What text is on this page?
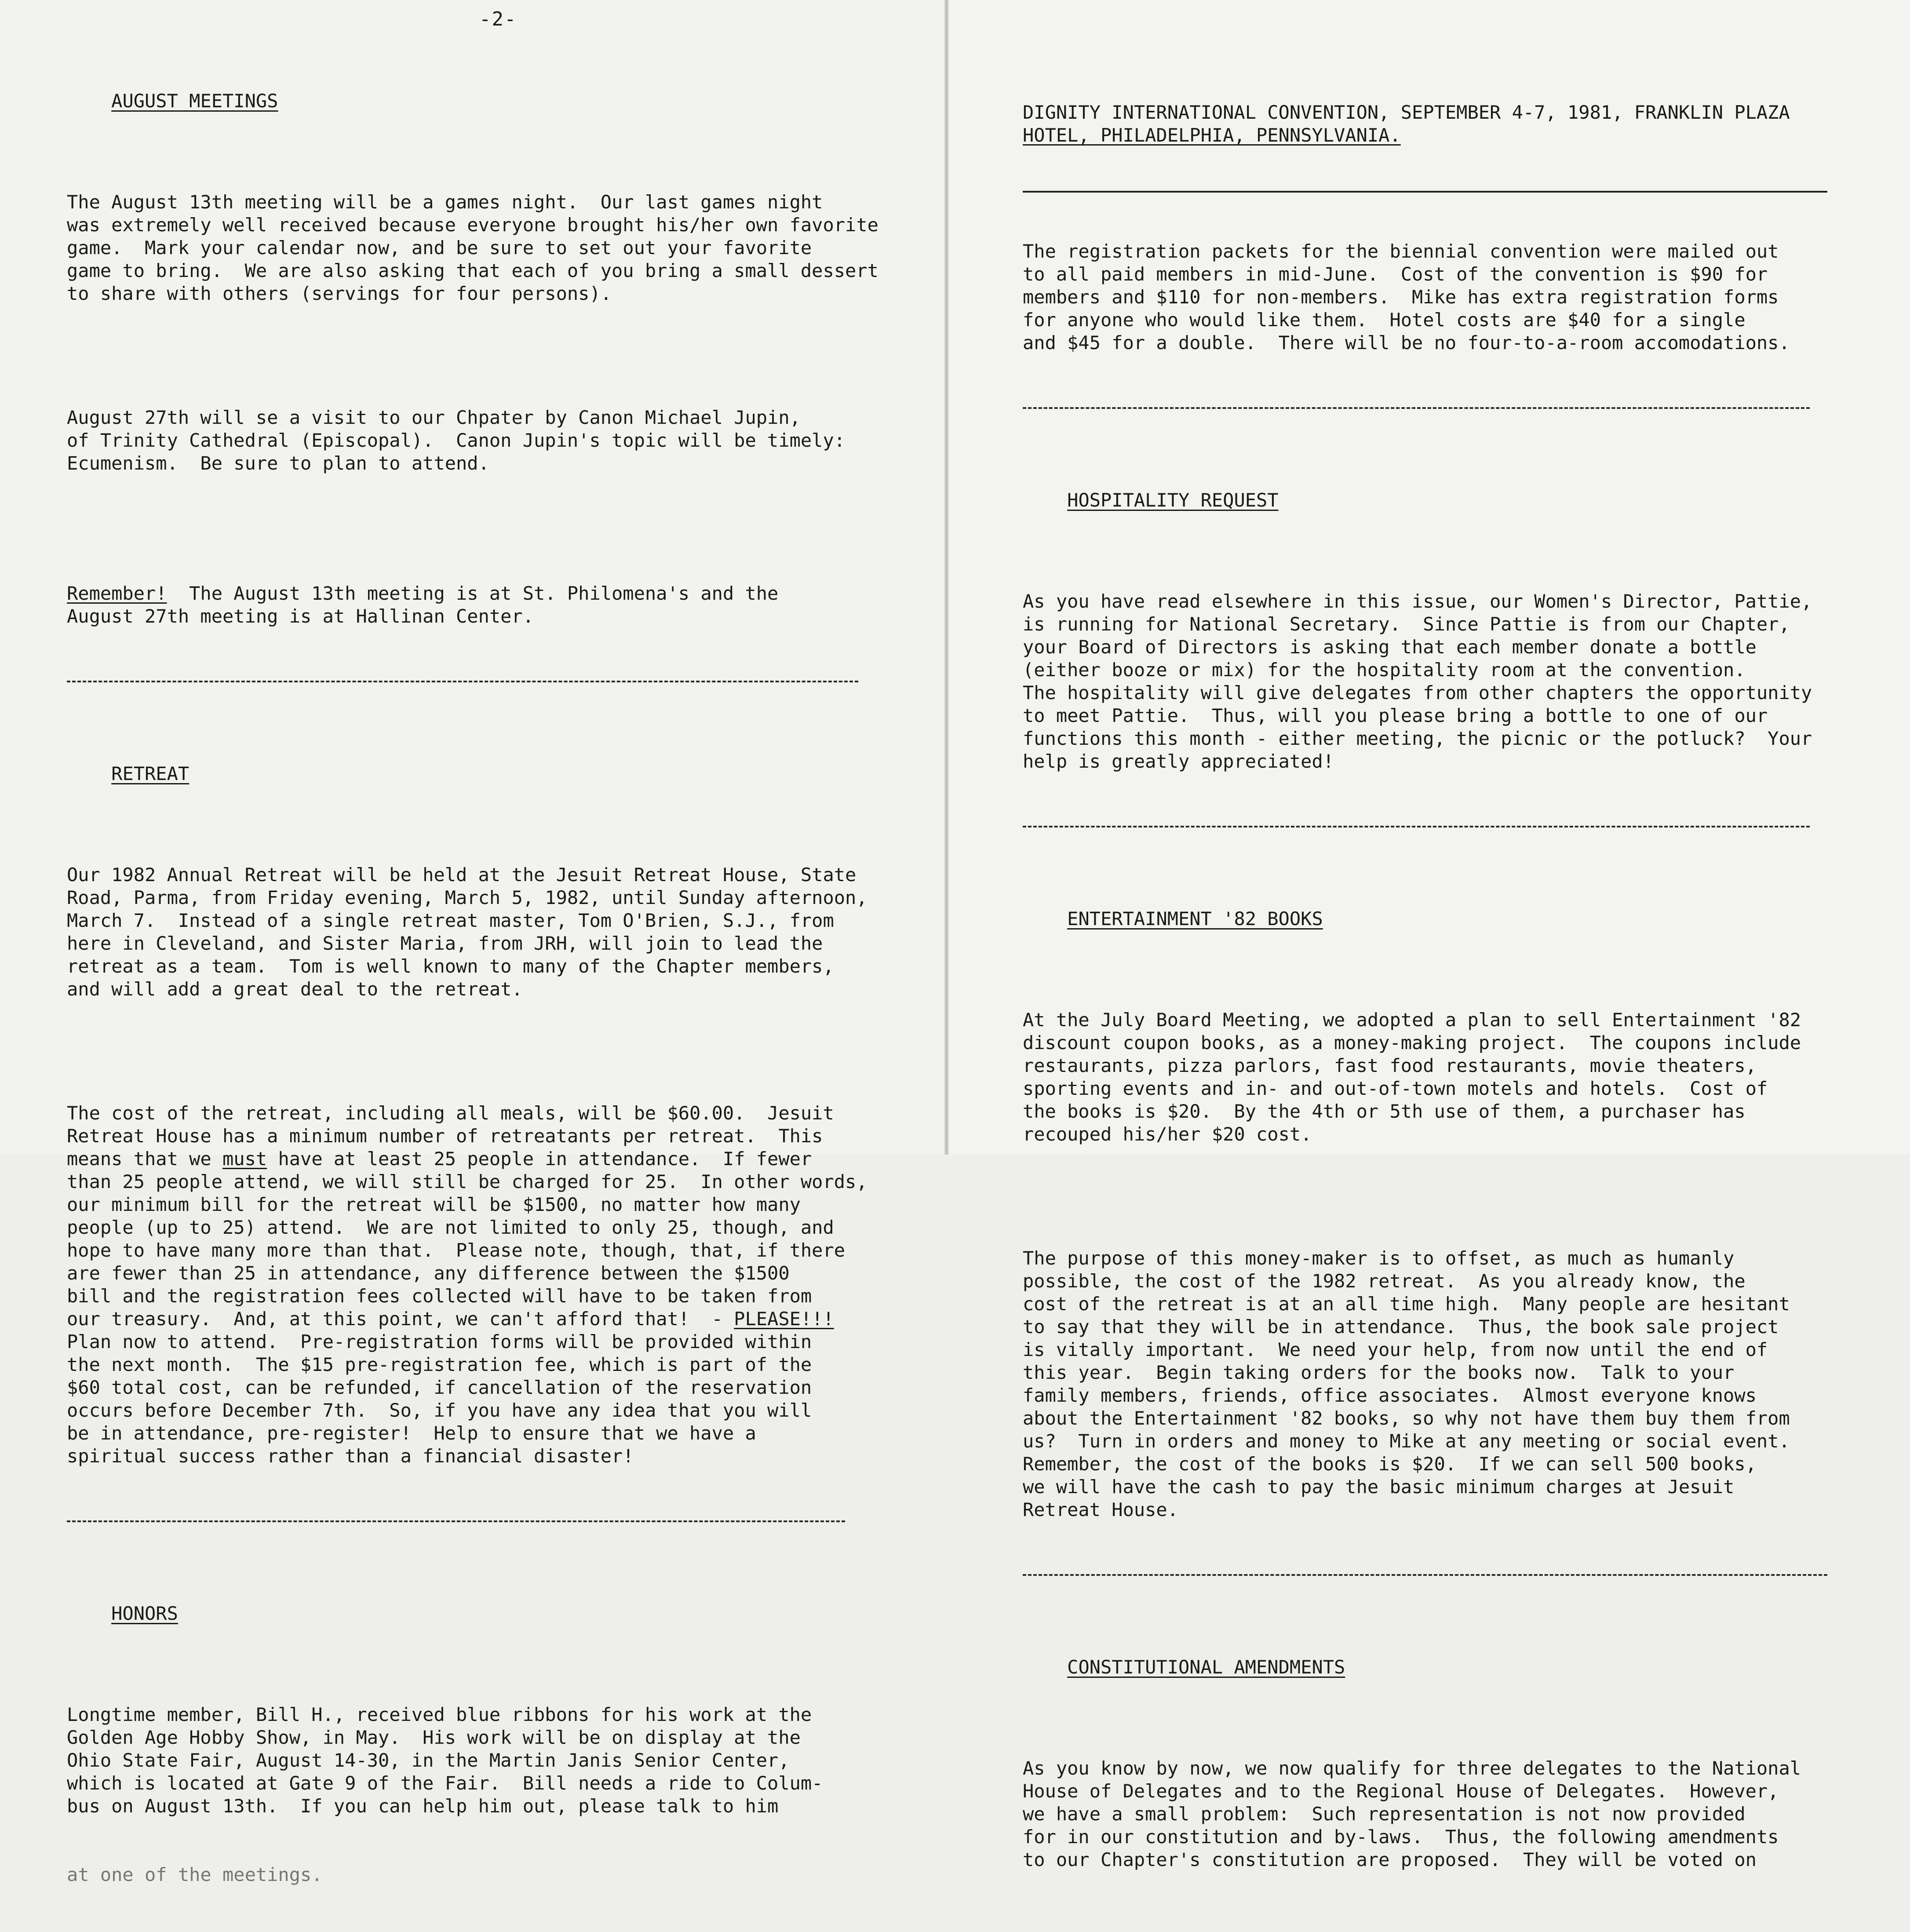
-2-

AUGUST MEETINGS

The August 13th meeting will be a games night.  Our last games night
was extremely well received because everyone brought his/her own favorite
game.  Mark your calendar now, and be sure to set out your favorite
game to bring.  We are also asking that each of you bring a small dessert
to share with others (servings for four persons).

August 27th will se a visit to our Chpater by Canon Michael Jupin,
of Trinity Cathedral (Episcopal).  Canon Jupin's topic will be timely:
Ecumenism.  Be sure to plan to attend.

Remember!  The August 13th meeting is at St. Philomena's and the
August 27th meeting is at Hallinan Center.

RETREAT

Our 1982 Annual Retreat will be held at the Jesuit Retreat House, State
Road, Parma, from Friday evening, March 5, 1982, until Sunday afternoon,
March 7.  Instead of a single retreat master, Tom O'Brien, S.J., from
here in Cleveland, and Sister Maria, from JRH, will join to lead the
retreat as a team.  Tom is well known to many of the Chapter members,
and will add a great deal to the retreat.

The cost of the retreat, including all meals, will be $60.00.  Jesuit
Retreat House has a minimum number of retreatants per retreat.  This
means that we must have at least 25 people in attendance.  If fewer
than 25 people attend, we will still be charged for 25.  In other words,
our minimum bill for the retreat will be $1500, no matter how many
people (up to 25) attend.  We are not limited to only 25, though, and
hope to have many more than that.  Please note, though, that, if there
are fewer than 25 in attendance, any difference between the $1500
bill and the registration fees collected will have to be taken from
our treasury.  And, at this point, we can't afford that!  - PLEASE!!!
Plan now to attend.  Pre-registration forms will be provided within
the next month.  The $15 pre-registration fee, which is part of the
$60 total cost, can be refunded, if cancellation of the reservation
occurs before December 7th.  So, if you have any idea that you will
be in attendance, pre-register!  Help to ensure that we have a
spiritual success rather than a financial disaster!

HONORS

Longtime member, Bill H., received blue ribbons for his work at the
Golden Age Hobby Show, in May.  His work will be on display at the
Ohio State Fair, August 14-30, in the Martin Janis Senior Center,
which is located at Gate 9 of the Fair.  Bill needs a ride to Colum-
bus on August 13th.  If you can help him out, please talk to him

at one of the meetings.

DIGNITY INTERNATIONAL CONVENTION, SEPTEMBER 4-7, 1981, FRANKLIN PLAZA
HOTEL, PHILADELPHIA, PENNSYLVANIA.

The registration packets for the biennial convention were mailed out
to all paid members in mid-June.  Cost of the convention is $90 for
members and $110 for non-members.  Mike has extra registration forms
for anyone who would like them.  Hotel costs are $40 for a single
and $45 for a double.  There will be no four-to-a-room accomodations.

HOSPITALITY REQUEST

As you have read elsewhere in this issue, our Women's Director, Pattie,
is running for National Secretary.  Since Pattie is from our Chapter,
your Board of Directors is asking that each member donate a bottle
(either booze or mix) for the hospitality room at the convention.
The hospitality will give delegates from other chapters the opportunity
to meet Pattie.  Thus, will you please bring a bottle to one of our
functions this month - either meeting, the picnic or the potluck?  Your
help is greatly appreciated!

ENTERTAINMENT '82 BOOKS

At the July Board Meeting, we adopted a plan to sell Entertainment '82
discount coupon books, as a money-making project.  The coupons include
restaurants, pizza parlors, fast food restaurants, movie theaters,
sporting events and in- and out-of-town motels and hotels.  Cost of
the books is $20.  By the 4th or 5th use of them, a purchaser has
recouped his/her $20 cost.

The purpose of this money-maker is to offset, as much as humanly
possible, the cost of the 1982 retreat.  As you already know, the
cost of the retreat is at an all time high.  Many people are hesitant
to say that they will be in attendance.  Thus, the book sale project
is vitally important.  We need your help, from now until the end of
this year.  Begin taking orders for the books now.  Talk to your
family members, friends, office associates.  Almost everyone knows
about the Entertainment '82 books, so why not have them buy them from
us?  Turn in orders and money to Mike at any meeting or social event.
Remember, the cost of the books is $20.  If we can sell 500 books,
we will have the cash to pay the basic minimum charges at Jesuit
Retreat House.

CONSTITUTIONAL AMENDMENTS

As you know by now, we now qualify for three delegates to the National
House of Delegates and to the Regional House of Delegates.  However,
we have a small problem:  Such representation is not now provided
for in our constitution and by-laws.  Thus, the following amendments
to our Chapter's constitution are proposed.  They will be voted on
